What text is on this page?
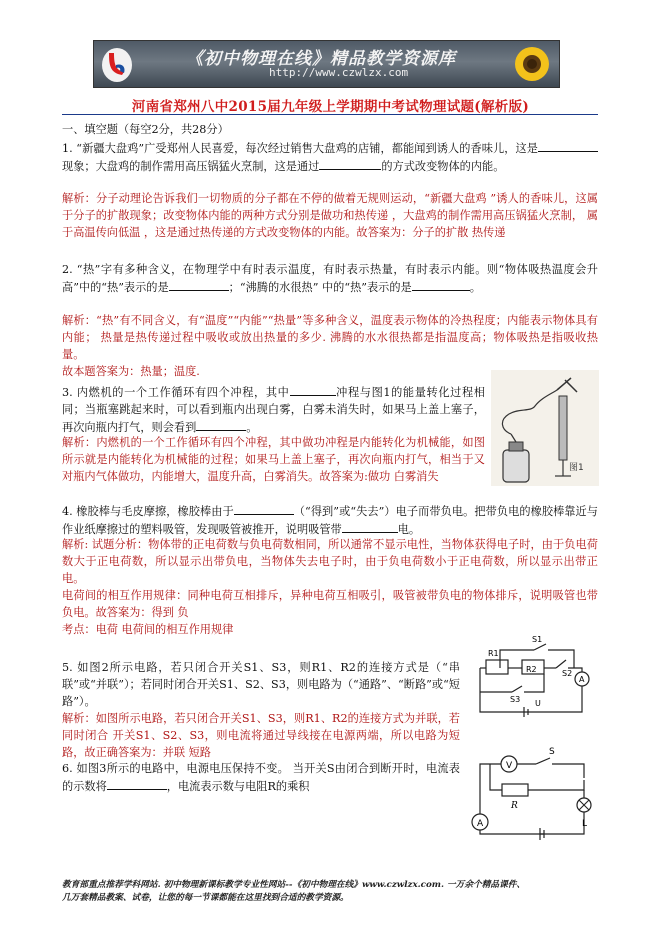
《初中物理在线》精品教学资源库
http://www.czwlzx.com
河南省郑州八中2015届九年级上学期期中考试物理试题(解析版)
一、填空题（每空2分，共28分）

1. “新疆大盘鸡”广受郑州人民喜爱，每次经过销售大盘鸡的店铺，都能闻到诱人的香味儿，这是现象；大盘鸡的制作需用高压锅猛火烹制，这是通过	的方式改变物体的内能。

解析：分子动理论告诉我们一切物质的分子都在不停的做着无规则运动，“新疆大盘鸡 ”诱人的香味儿，这属于分子的扩散现象；改变物体内能的两种方式分别是做功和热传递 ，大盘鸡的制作需用高压锅猛火烹制， 属于高温传向低温 ，这是通过热传递的方式改变物体的内能。故答案为：分子的扩散 热传递

2. “热”字有多种含义，在物理学中有时表示温度，有时表示热量，有时表示内能。则“物体吸热温度会升高”中的“热”表示的是	；“沸腾的水很热” 中的“热”表示的是	。

解析：“热”有不同含义，有“温度”“内能”“热量”等多种含义，温度表示物体的冷热程度；内能表示物体具有内能； 热量是热传递过程中吸收或放出热量的多少. 沸腾的水水很热都是指温度高；物体吸热是指吸收热量。

故本题答案为：热量；温度.

3. 内燃机的一个工作循环有四个冲程，其中	冲程与图1的能量转化过程相同；当瓶塞跳起来时，可以看到瓶内出现白雾，白雾未消失时，如果马上盖上塞子，再次向瓶内打气，则会看到	。

解析：内燃机的一个工作循环有四个冲程，其中做功冲程是内能转化为机械能，如图所示就是内能转化为机械能的过程；如果马上盖上塞子，再次向瓶内打气，相当于又对瓶内气体做功，内能增大，温度升高，白雾消失。故答案为:做功 白雾消失

图1

4. 橡胶棒与毛皮摩擦，橡胶棒由于	（“得到”或“失去”）电子而带负电。把带负电的橡胶棒靠近与作业纸摩擦过的塑料吸管，发现吸管被推开，说明吸管带	电。

解析: 试题分析：物体带的正电荷数与负电荷数相同，所以通常不显示电性，当物体获得电子时，由于负电荷数大于正电荷数，所以显示出带负电，当物体失去电子时，由于负电荷数小于正电荷数，所以显示出带正电。

电荷间的相互作用规律：同种电荷互相排斥，异种电荷互相吸引，吸管被带负电的物体排斥，说明吸管也带负电。故答案为：得到 负

考点：电荷 电荷间的相互作用规律

5. 如图2所示电路，若只闭合开关S1、S3，则R1、R2的连接方式是（“串联”或“并联”）；若同时闭合开关S1、S2、S3，则电路为（“通路”、“断路”或“短路”）。

解析：如图所示电路，若只闭合开关S1、S3，则R1、R2的连接方式为并联，若同时闭合 开关S1、S2、S3，则电流将通过导线接在电源两端，所以电路为短路，故正确答案为：并联 短路

A
R1
R2
S1
S2
S3 U

6. 如图3所示的电路中，电源电压保持不变。 当开关S由闭合到断开时，电流表的示数将	，电流表示数与电阻R的乘积

V
S
A
R
L
教育部重点推荐学科网站. 初中物理新课标教学专业性网站--《初中物理在线》www.czwlzx.com. 一万余个精品课件、
几万套精品教案、试卷，让您的每一节课都能在这里找到合适的教学资源。
